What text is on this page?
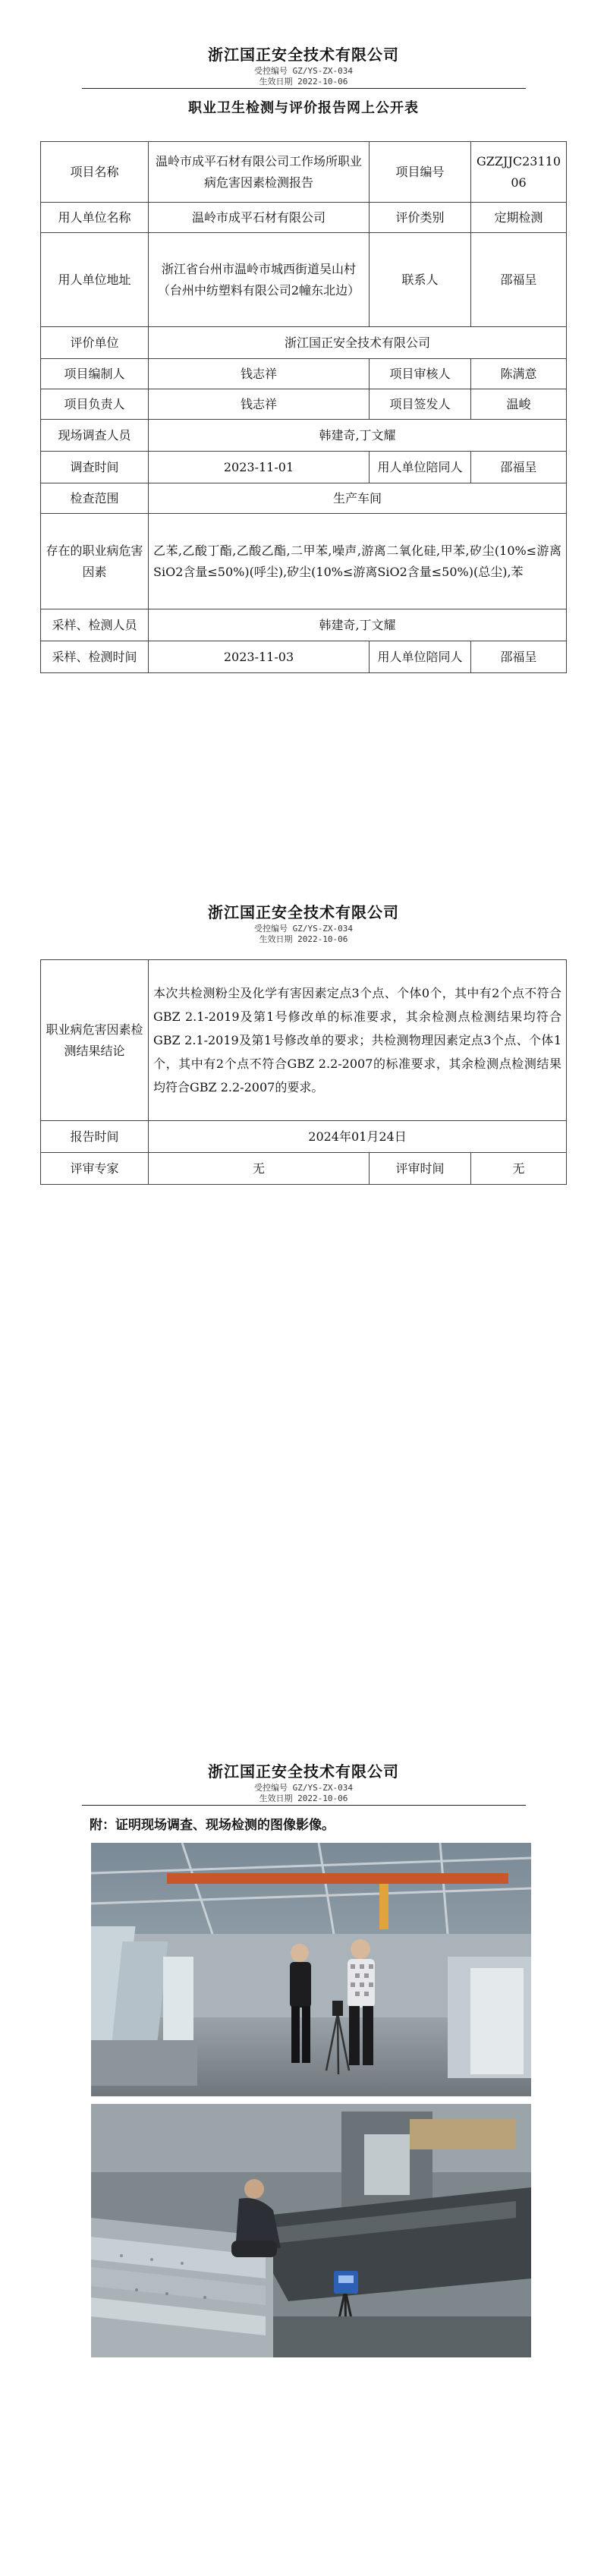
浙江国正安全技术有限公司
受控编号 GZ/YS-ZX-034
生效日期 2022-10-06
职业卫生检测与评价报告网上公开表
项目名称	温岭市成平石材有限公司工作场所职业病危害因素检测报告	项目编号	GZZJJC2311006
用人单位名称	温岭市成平石材有限公司	评价类别	定期检测
用人单位地址	浙江省台州市温岭市城西街道吴山村（台州中纺塑料有限公司2幢东北边）	联系人	邵福呈
评价单位	浙江国正安全技术有限公司		
项目编制人	钱志祥	项目审核人	陈满意
项目负责人	钱志祥	项目签发人	温峻
现场调查人员	韩建奇,丁文耀		
调查时间	2023-11-01	用人单位陪同人	邵福呈
检查范围	生产车间		
存在的职业病危害因素	乙苯,乙酸丁酯,乙酸乙酯,二甲苯,噪声,游离二氧化硅,甲苯,矽尘(10%≤游离SiO2含量≤50%)(呼尘),矽尘(10%≤游离SiO2含量≤50%)(总尘),苯		
采样、检测人员	韩建奇,丁文耀		
采样、检测时间	2023-11-03	用人单位陪同人	邵福呈
浙江国正安全技术有限公司
受控编号 GZ/YS-ZX-034
生效日期 2022-10-06
职业病危害因素检测结果结论	本次共检测粉尘及化学有害因素定点3个点、个体0个，其中有2个点不符合GBZ 2.1-2019及第1号修改单的标准要求，其余检测点检测结果均符合GBZ 2.1-2019及第1号修改单的要求；共检测物理因素定点3个点、个体1个，其中有2个点不符合GBZ 2.2-2007的标准要求，其余检测点检测结果均符合GBZ 2.2-2007的要求。		
报告时间	2024年01月24日		
评审专家	无	评审时间	无
浙江国正安全技术有限公司
受控编号 GZ/YS-ZX-034
生效日期 2022-10-06
附：证明现场调查、现场检测的图像影像。
